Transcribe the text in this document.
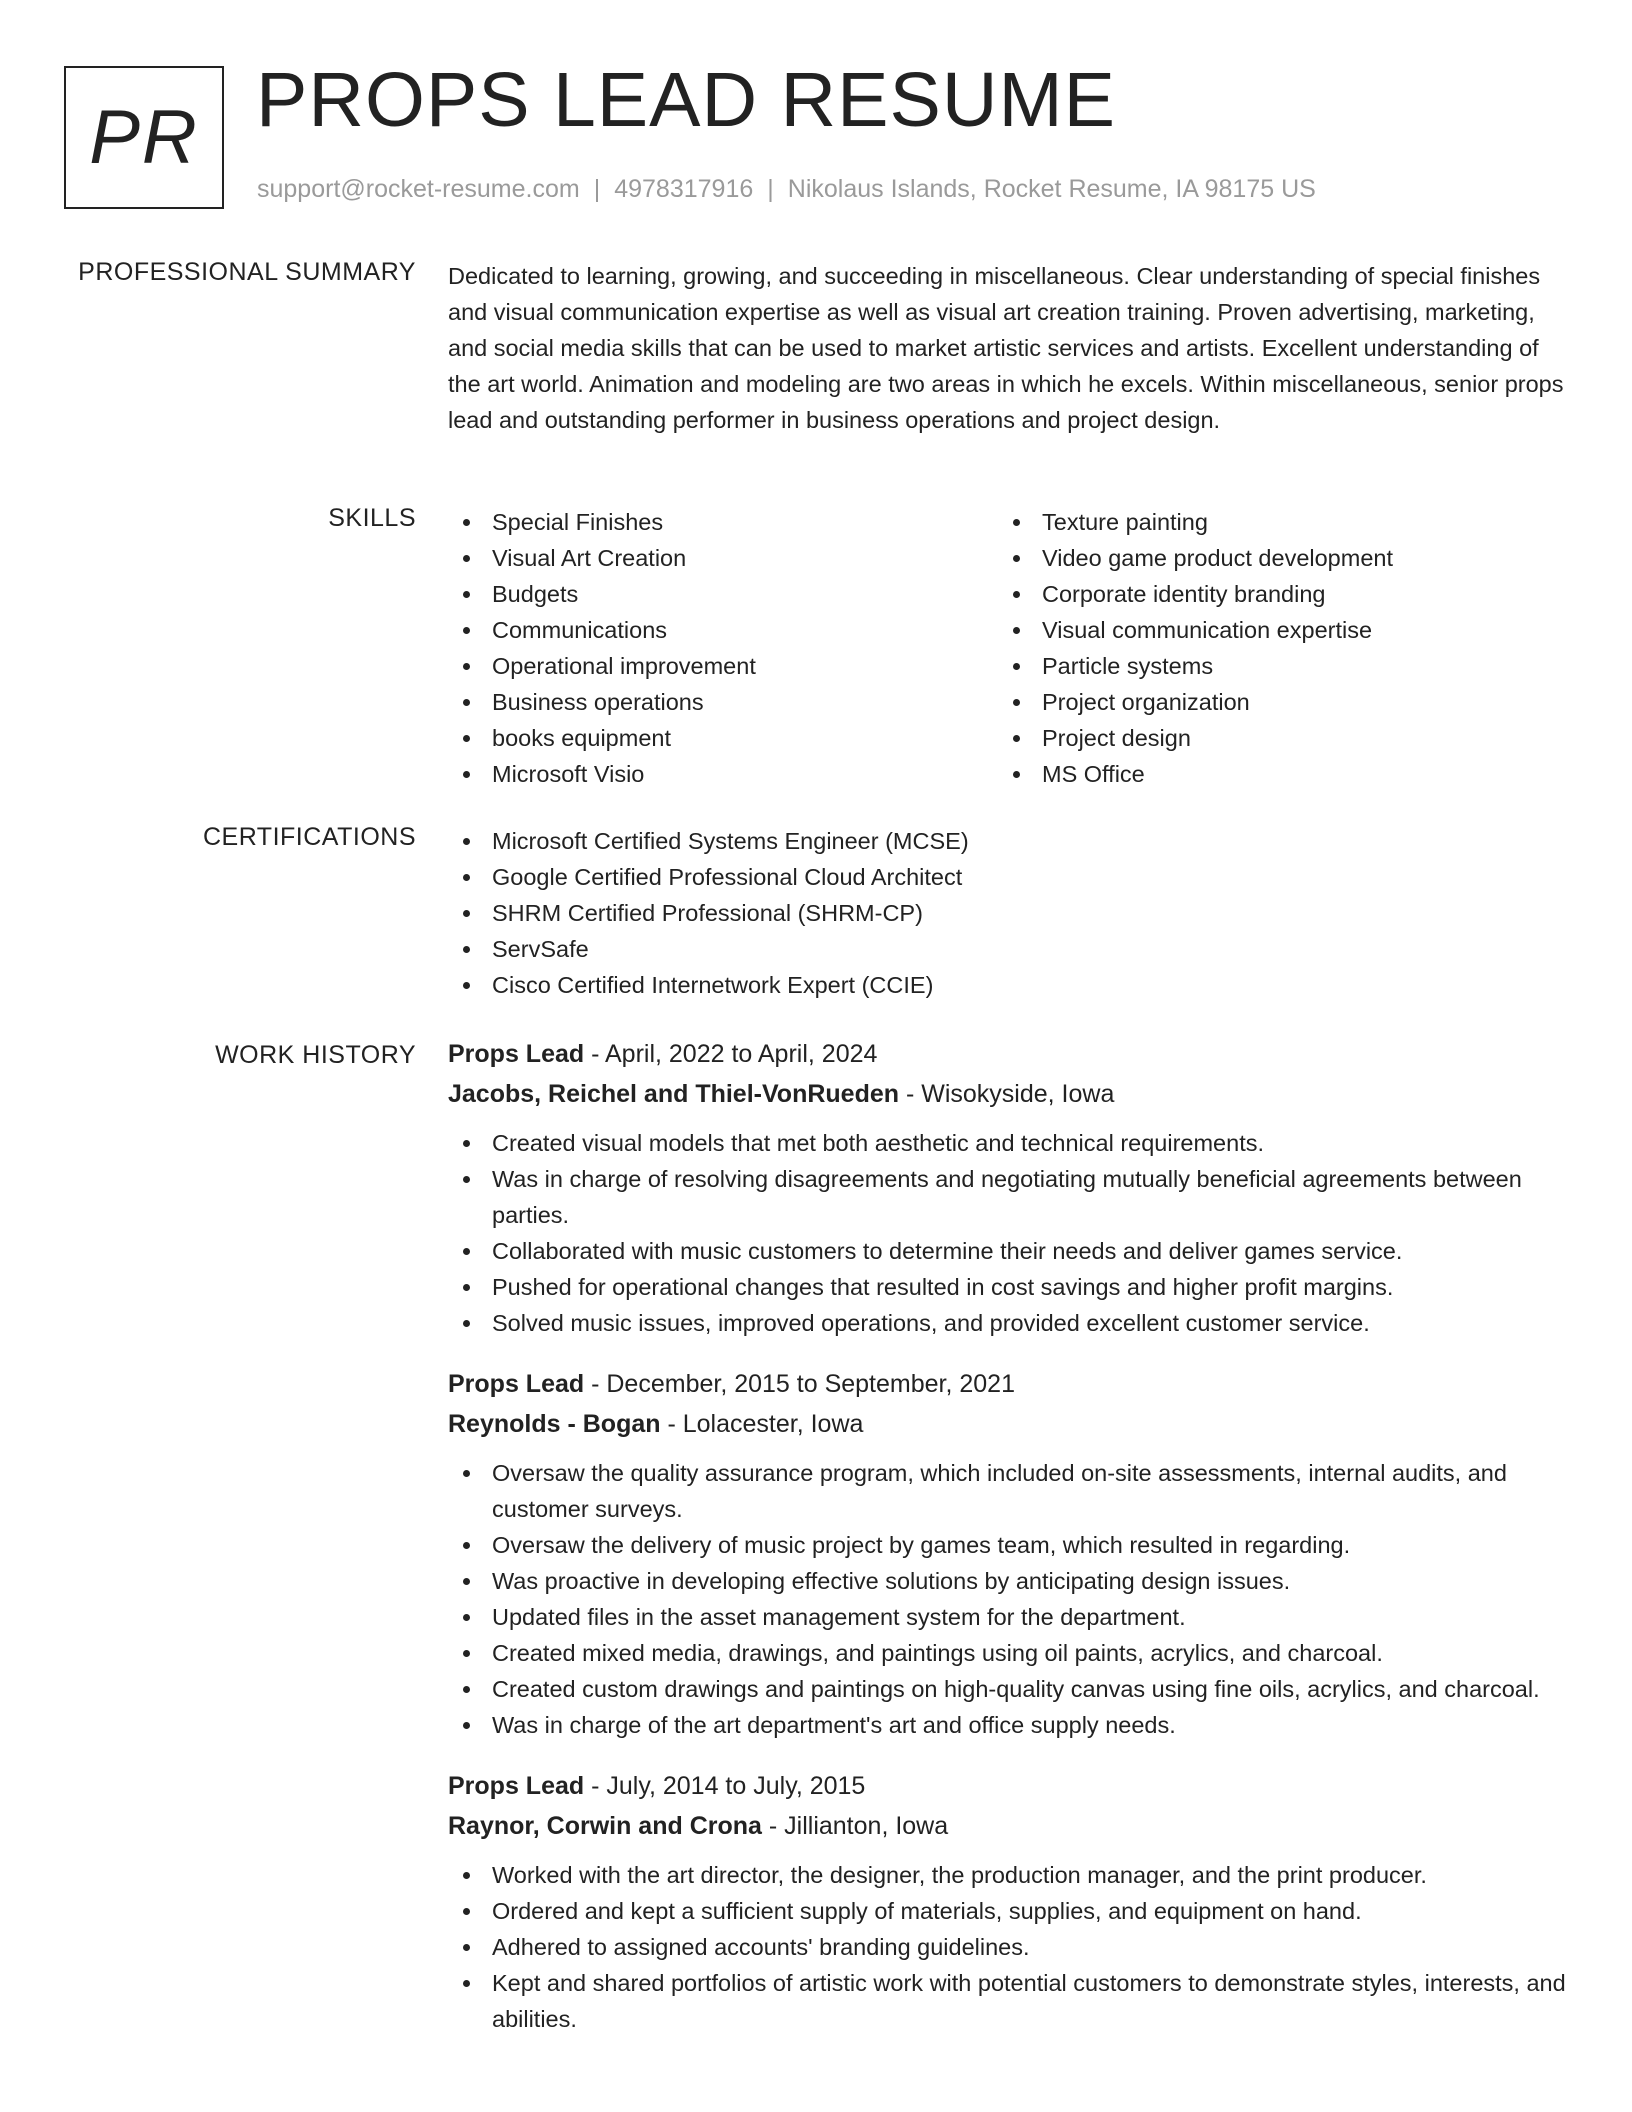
PR PROPS LEAD RESUME
support@rocket-resume.com | 4978317916 | Nikolaus Islands, Rocket Resume, IA 98175 US
PROFESSIONAL SUMMARY Dedicated to learning, growing, and succeeding in miscellaneous. Clear understanding of special finishes and visual communication expertise as well as visual art creation training. Proven advertising, marketing, and social media skills that can be used to market artistic services and artists. Excellent understanding of the art world. Animation and modeling are two areas in which he excels. Within miscellaneous, senior props lead and outstanding performer in business operations and project design.

SKILLS	Special Finishes
Visual Art Creation
Budgets
Communications
Operational improvement
Business operations
books equipment
Microsoft Visio
Texture painting
Video game product development
Corporate identity branding
Visual communication expertise
Particle systems
Project organization
Project design
MS Office
CERTIFICATIONS	Microsoft Certified Systems Engineer (MCSE)
Google Certified Professional Cloud Architect
SHRM Certified Professional (SHRM-CP)
ServSafe
Cisco Certified Internetwork Expert (CCIE)
WORK HISTORY Props Lead - April, 2022 to April, 2024
Jacobs, Reichel and Thiel-VonRueden - Wisokyside, Iowa
Created visual models that met both aesthetic and technical requirements.
Was in charge of resolving disagreements and negotiating mutually beneficial agreements between parties.
Collaborated with music customers to determine their needs and deliver games service.
Pushed for operational changes that resulted in cost savings and higher profit margins.
Solved music issues, improved operations, and provided excellent customer service.
Props Lead - December, 2015 to September, 2021
Reynolds - Bogan - Lolacester, Iowa
Oversaw the quality assurance program, which included on-site assessments, internal audits, and customer surveys.
Oversaw the delivery of music project by games team, which resulted in regarding.
Was proactive in developing effective solutions by anticipating design issues.
Updated files in the asset management system for the department.
Created mixed media, drawings, and paintings using oil paints, acrylics, and charcoal.
Created custom drawings and paintings on high-quality canvas using fine oils, acrylics, and charcoal.
Was in charge of the art department's art and office supply needs.
Props Lead - July, 2014 to July, 2015
Raynor, Corwin and Crona - Jillianton, Iowa
Worked with the art director, the designer, the production manager, and the print producer.
Ordered and kept a sufficient supply of materials, supplies, and equipment on hand.
Adhered to assigned accounts' branding guidelines.
Kept and shared portfolios of artistic work with potential customers to demonstrate styles, interests, and abilities.
